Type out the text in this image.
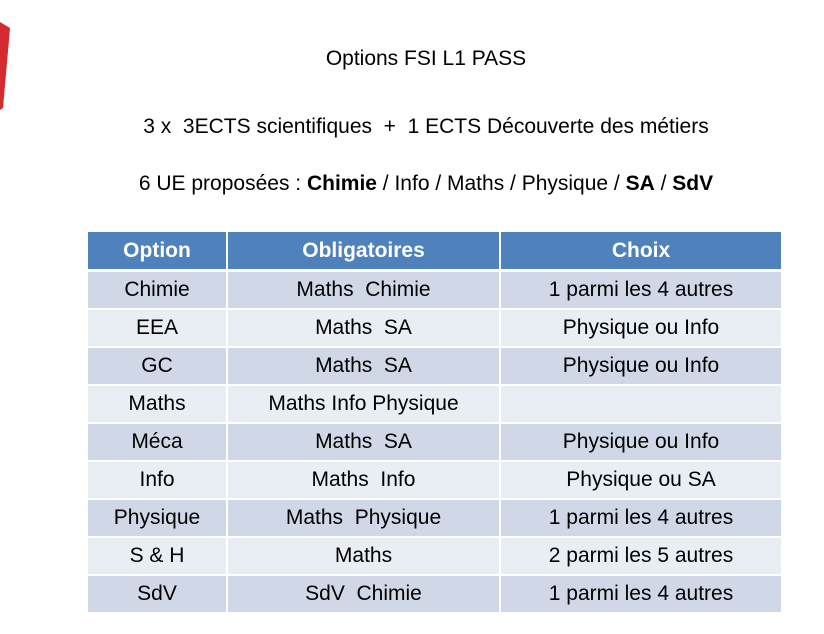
Options FSI L1 PASS
3 x  3ECTS scientifiques  +  1 ECTS Découverte des métiers
6 UE proposées : Chimie / Info / Maths / Physique / SA / SdV
Option	Obligatoires	Choix
Chimie	Maths  Chimie	1 parmi les 4 autres
EEA	Maths  SA	Physique ou Info
GC	Maths  SA	Physique ou Info
Maths	Maths Info Physique	
Méca	Maths  SA	Physique ou Info
Info	Maths  Info	Physique ou SA
Physique	Maths  Physique	1 parmi les 4 autres
S & H	Maths	2 parmi les 5 autres
SdV	SdV  Chimie	1 parmi les 4 autres
